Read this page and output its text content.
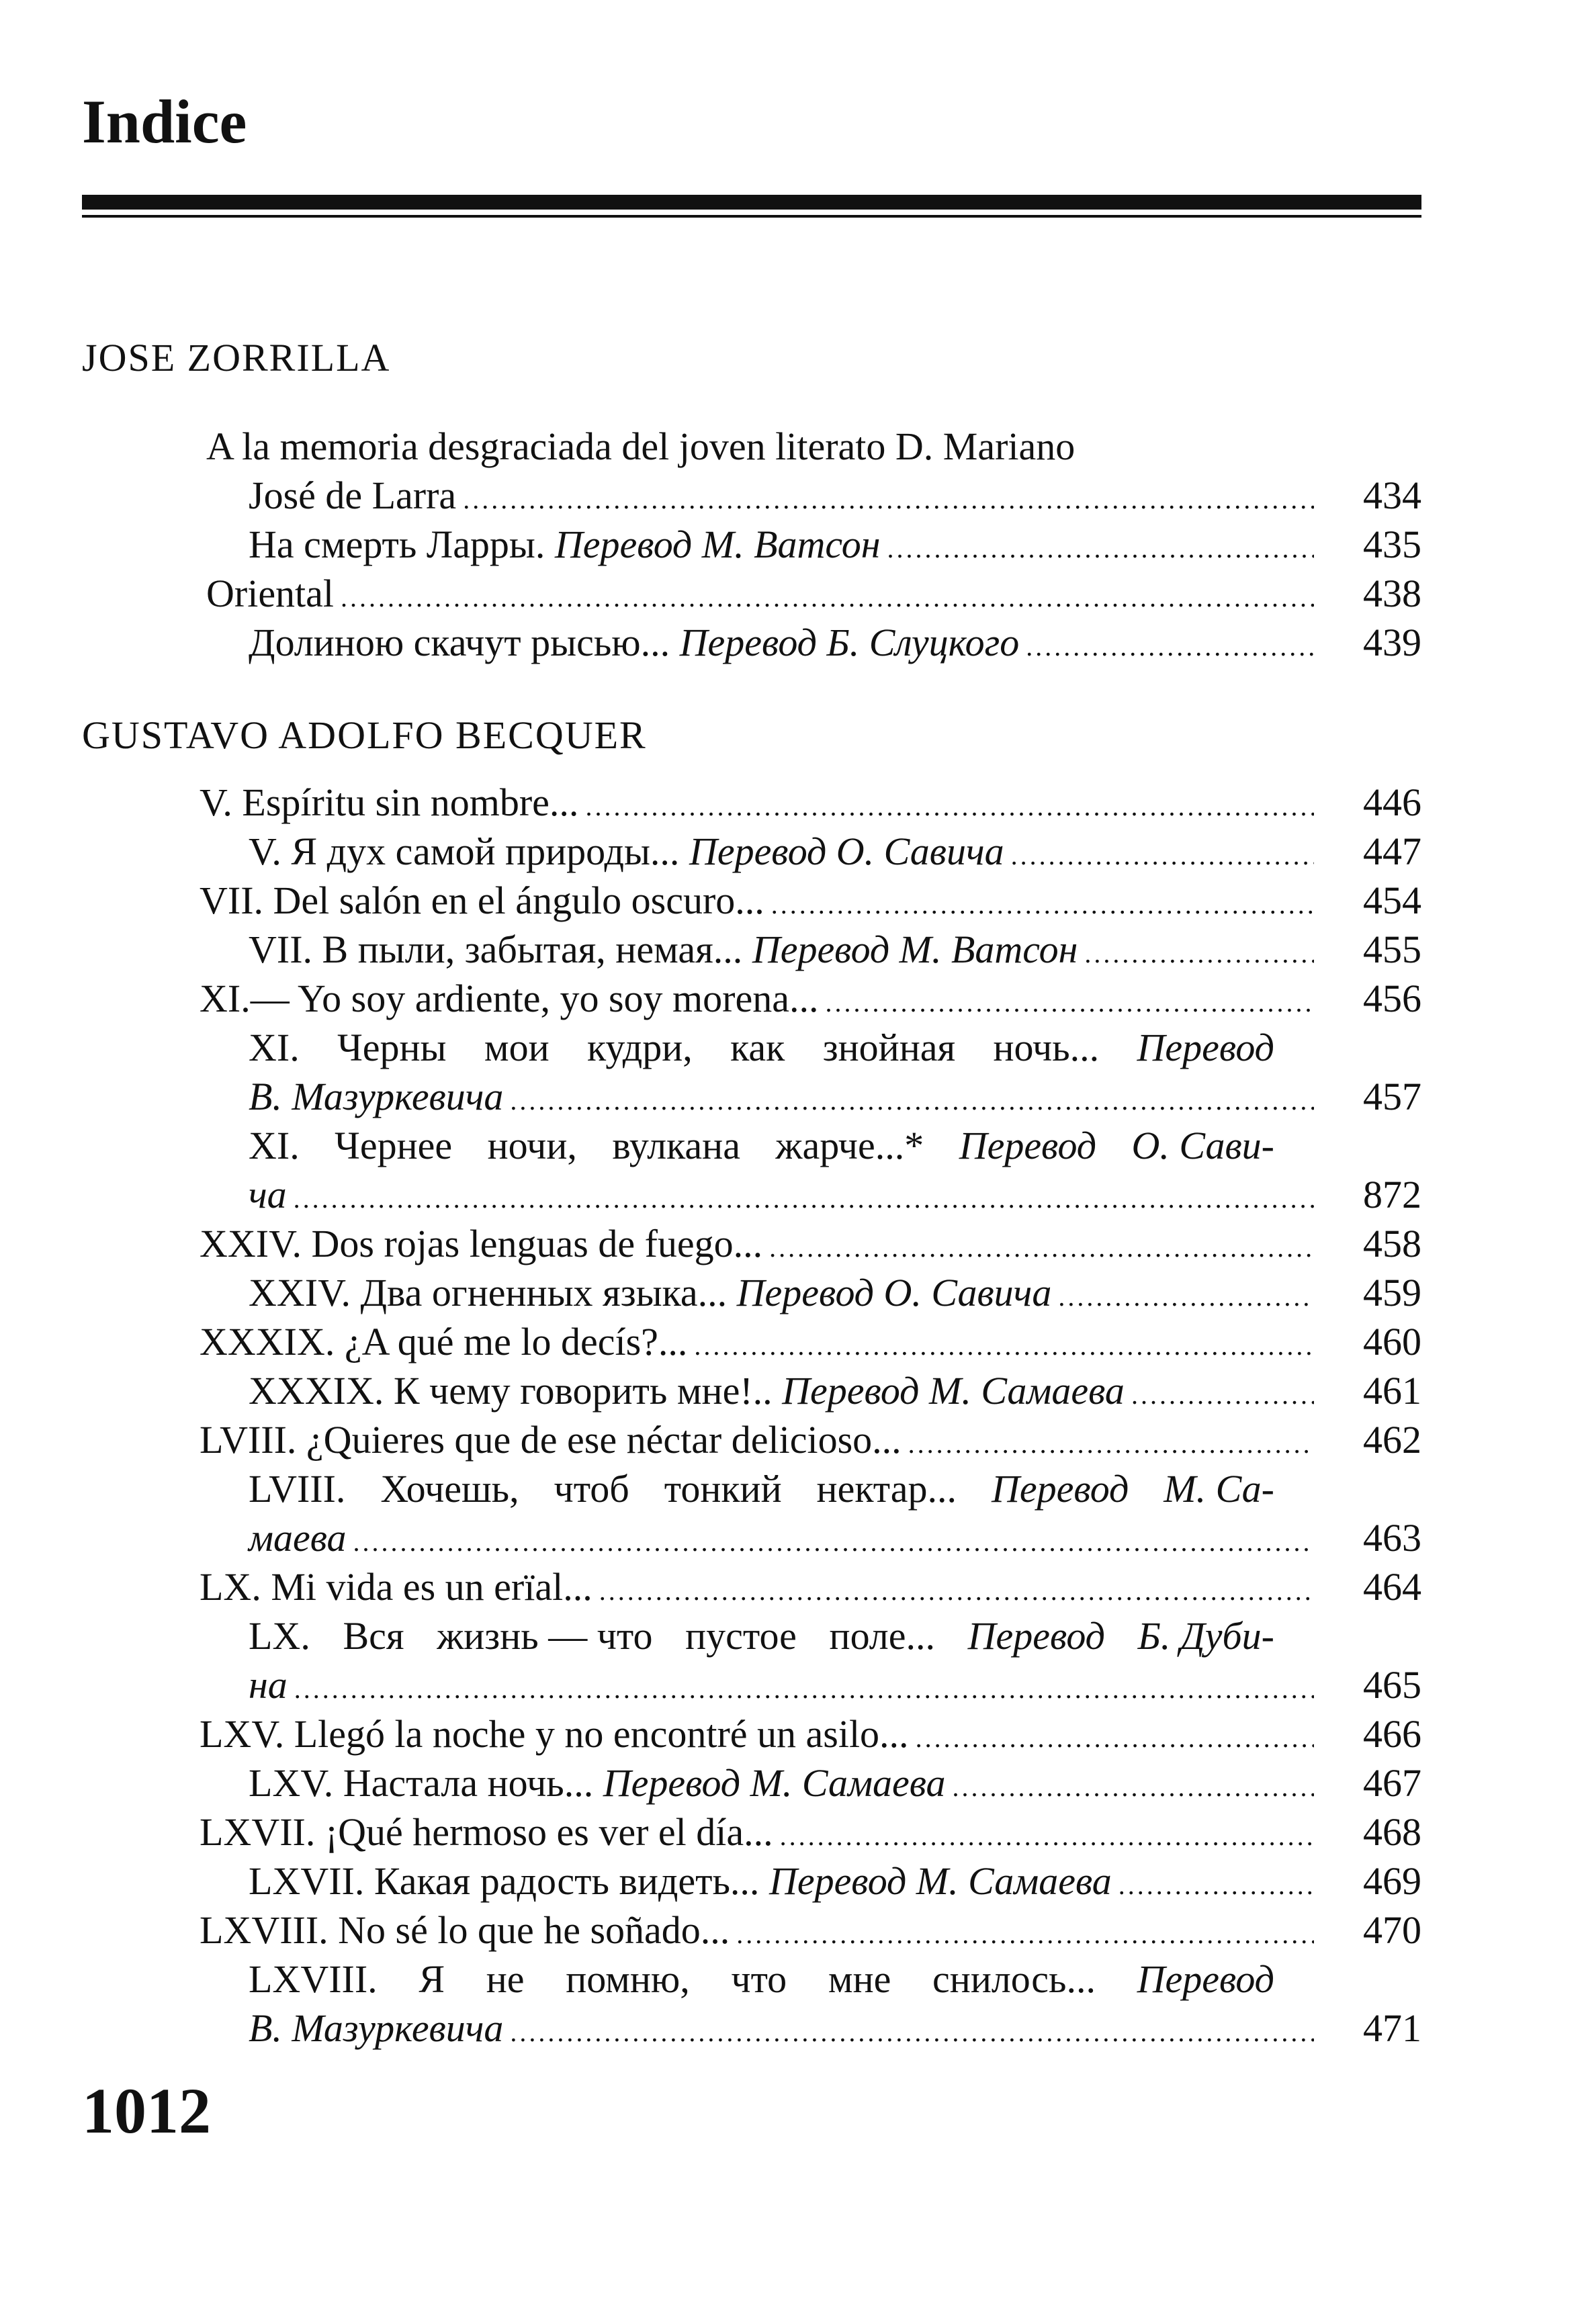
Indice
JOSE ZORRILLA
A la memoria desgraciada del joven literato D. Mariano
José de Larra .....	434
На смерть Ларры. Перевод М. Ватсон .....	435
Oriental .....	438
Долиною скачут рысью... Перевод Б. Слуцкого .....	439
GUSTAVO ADOLFO BECQUER
V. Espíritu sin nombre... .....	446
V. Я дух самой природы... Перевод О. Савича .....	447
VII. Del salón en el ángulo oscuro... .....	454
VII. В пыли, забытая, немая... Перевод М. Ватсон .....	455
XI.— Yo soy ardiente, yo soy morena... .....	456
XI. Черны мои кудри, как знойная ночь... Перевод
В. Мазуркевича .....	457
XI. Чернее ночи, вулкана жарче...* Перевод О. Сави-
ча .....	872
XXIV. Dos rojas lenguas de fuego... .....	458
XXIV. Два огненных языка... Перевод О. Савича .....	459
XXXIX. ¿A qué me lo decís?... .....	460
XXXIX. К чему говорить мне!.. Перевод М. Самаева .....	461
LVIII. ¿Quieres que de ese néctar delicioso... .....	462
LVIII. Хочешь, чтоб тонкий нектар... Перевод М. Са-
маева .....	463
LX. Mi vida es un erïal... .....	464
LX. Вся жизнь — что пустое поле... Перевод Б. Дуби-
на .....	465
LXV. Llegó la noche y no encontré un asilo... .....	466
LXV. Настала ночь... Перевод М. Самаева .....	467
LXVII. ¡Qué hermoso es ver el día... .....	468
LXVII. Какая радость видеть... Перевод М. Самаева .....	469
LXVIII. No sé lo que he soñado... .....	470
LXVIII. Я не помню, что мне снилось... Перевод
В. Мазуркевича .....	471
1012
